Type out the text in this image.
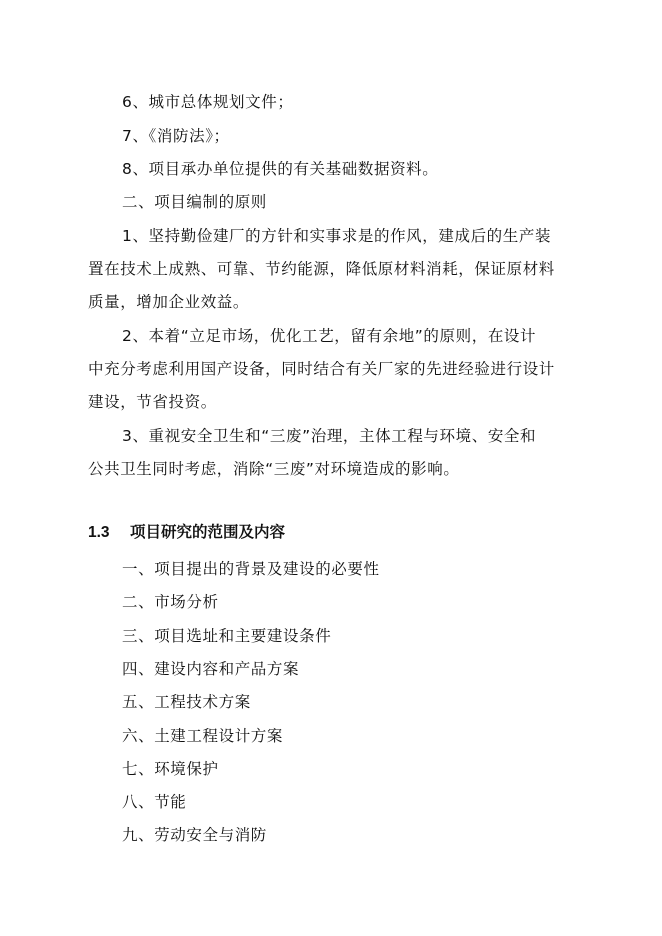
6、城市总体规划文件；
7、《消防法》；
8、项目承办单位提供的有关基础数据资料。
二、项目编制的原则
1、坚持勤俭建厂的方针和实事求是的作风，建成后的生产装
置在技术上成熟、可靠、节约能源，降低原材料消耗，保证原材料
质量，增加企业效益。
2、本着“立足市场，优化工艺，留有余地”的原则，在设计
中充分考虑利用国产设备，同时结合有关厂家的先进经验进行设计
建设，节省投资。
3、重视安全卫生和“三废”治理，主体工程与环境、安全和
公共卫生同时考虑，消除“三废”对环境造成的影响。
1.3 项目研究的范围及内容
一、项目提出的背景及建设的必要性
二、市场分析
三、项目选址和主要建设条件
四、建设内容和产品方案
五、工程技术方案
六、土建工程设计方案
七、环境保护
八、节能
九、劳动安全与消防
